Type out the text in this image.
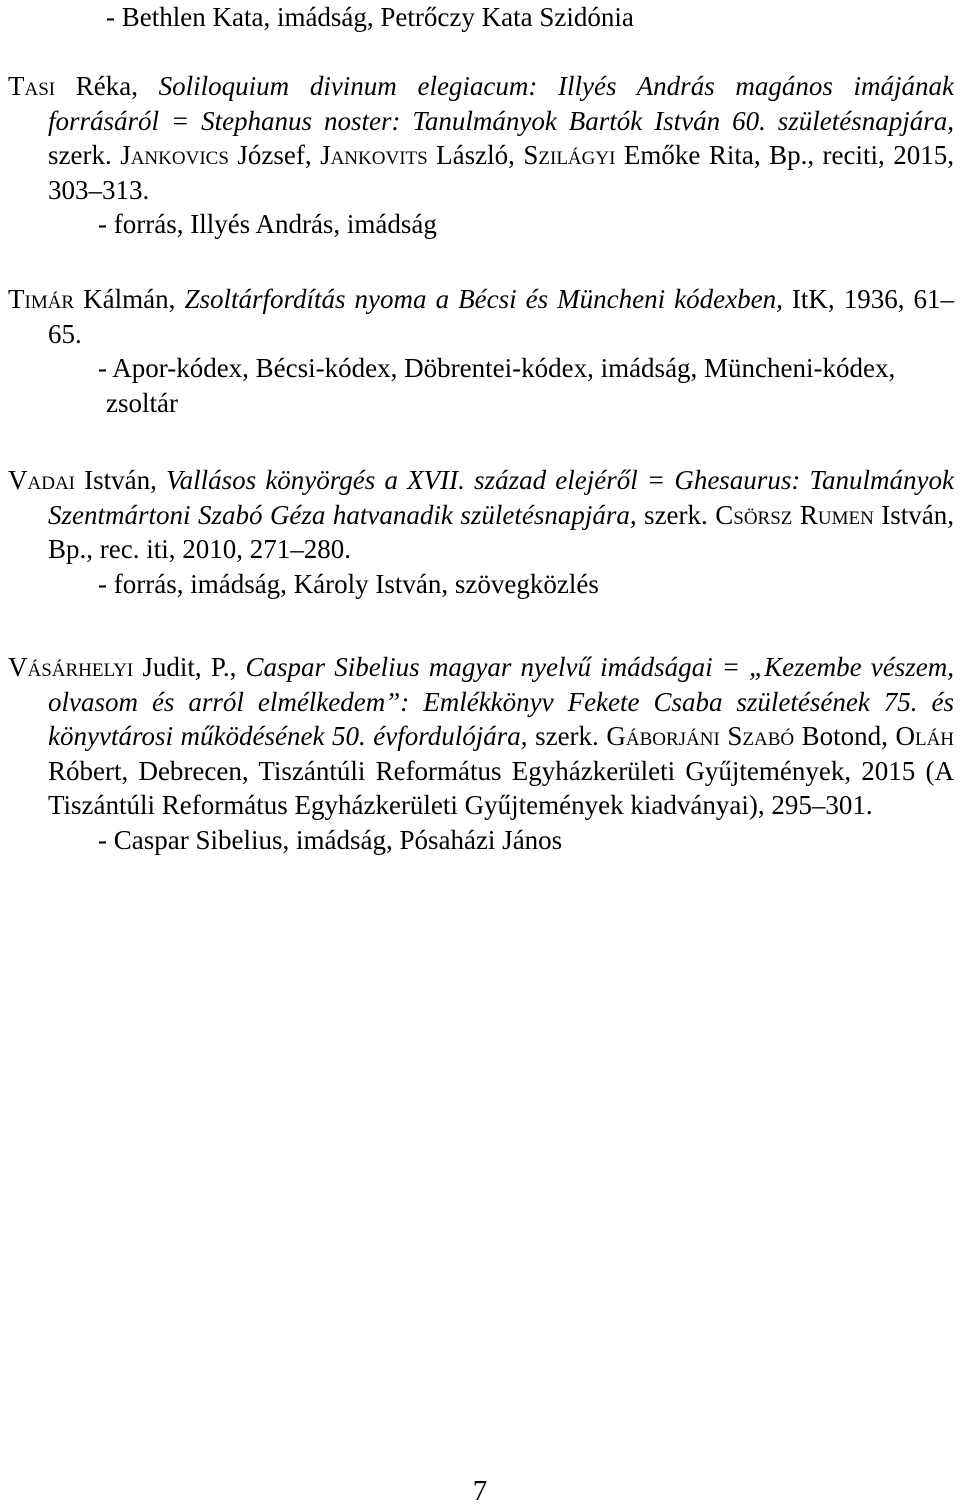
- Bethlen Kata, imádság, Petrőczy Kata Szidónia
Tasi Réka, Soliloquium divinum elegiacum: Illyés András magános imájának forrásáról = Stephanus noster: Tanulmányok Bartók István 60. születésnapjára, szerk. Jankovics József, Jankovits László, Szilágyi Emőke Rita, Bp., reciti, 2015, 303–313.
- forrás, Illyés András, imádság
Timár Kálmán, Zsoltárfordítás nyoma a Bécsi és Müncheni kódexben, ItK, 1936, 61–65.
- Apor-kódex, Bécsi-kódex, Döbrentei-kódex, imádság, Müncheni-kódex, zsoltár
Vadai István, Vallásos könyörgés a XVII. század elejéről = Ghesaurus: Tanulmányok Szentmártoni Szabó Géza hatvanadik születésnapjára, szerk. Csörsz Rumen István, Bp., rec. iti, 2010, 271–280.
- forrás, imádság, Károly István, szövegközlés
Vásárhelyi Judit, P., Caspar Sibelius magyar nyelvű imádságai = „Kezembe vészem, olvasom és arról elmélkedem”: Emlékkönyv Fekete Csaba születésének 75. és könyvtárosi működésének 50. évfordulójára, szerk. Gáborjáni Szabó Botond, Oláh Róbert, Debrecen, Tiszántúli Református Egyházkerületi Gyűjtemények, 2015 (A Tiszántúli Református Egyházkerületi Gyűjtemények kiadványai), 295–301.
- Caspar Sibelius, imádság, Pósaházi János
7
